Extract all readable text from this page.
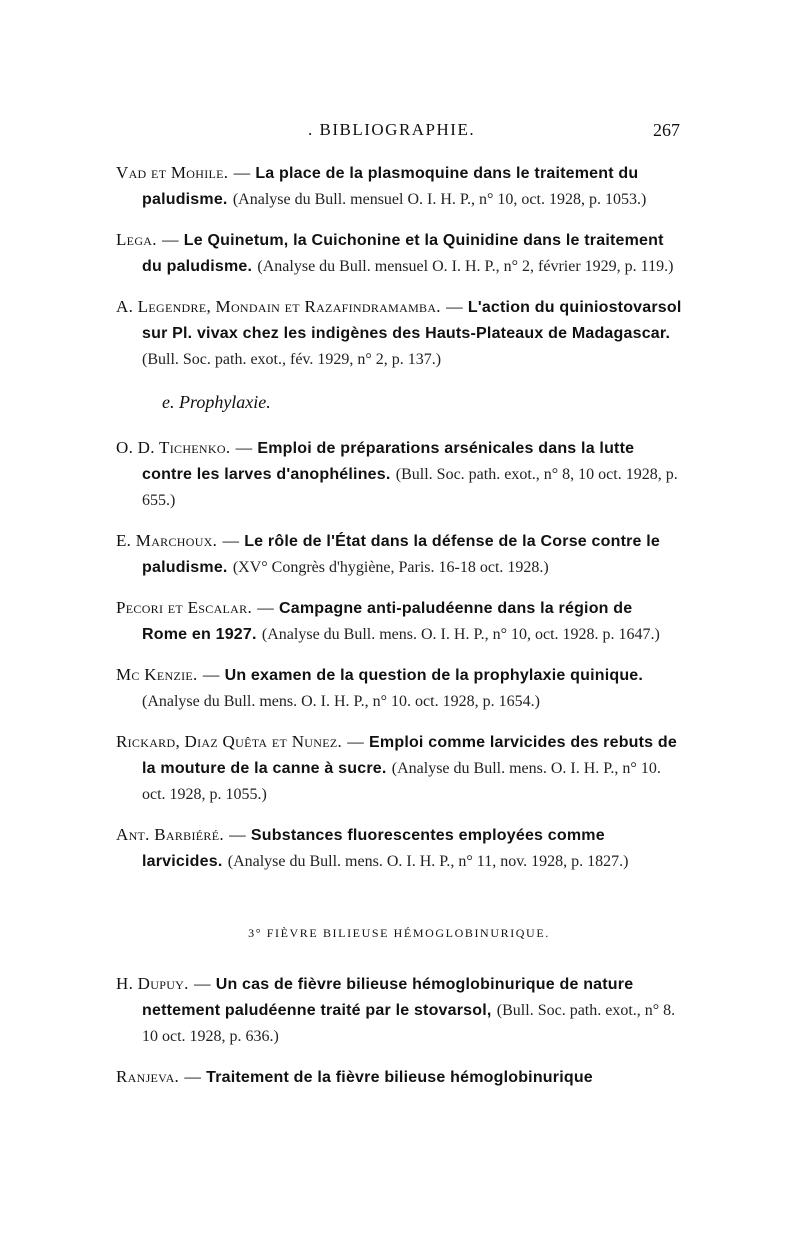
. BIBLIOGRAPHIE.	267

Vad et Mohile. — La place de la plasmoquine dans le traitement du paludisme. (Analyse du Bull. mensuel O. I. H. P., n° 10, oct. 1928, p. 1053.)

Lega. — Le Quinetum, la Cuichonine et la Quinidine dans le traitement du paludisme. (Analyse du Bull. mensuel O. I. H. P., n° 2, février 1929, p. 119.)

A. Legendre, Mondain et Razafindramamba. — L'action du quiniostovarsol sur Pl. vivax chez les indigènes des Hauts-Plateaux de Madagascar. (Bull. Soc. path. exot., fév. 1929, n° 2, p. 137.)

e. Prophylaxie.

O. D. Tichenko. — Emploi de préparations arsénicales dans la lutte contre les larves d'anophélines. (Bull. Soc. path. exot., n° 8, 10 oct. 1928, p. 655.)

E. Marchoux. — Le rôle de l'État dans la défense de la Corse contre le paludisme. (XV° Congrès d'hygiène, Paris. 16-18 oct. 1928.)

Pecori et Escalar. — Campagne anti-paludéenne dans la région de Rome en 1927. (Analyse du Bull. mens. O. I. H. P., n° 10, oct. 1928. p. 1647.)

Mc Kenzie. — Un examen de la question de la prophylaxie quinique. (Analyse du Bull. mens. O. I. H. P., n° 10. oct. 1928, p. 1654.)

Rickard, Diaz Quêta et Nunez. — Emploi comme larvicides des rebuts de la mouture de la canne à sucre. (Analyse du Bull. mens. O. I. H. P., n° 10. oct. 1928, p. 1055.)

Ant. Barbiéré. — Substances fluorescentes employées comme larvicides. (Analyse du Bull. mens. O. I. H. P., n° 11, nov. 1928, p. 1827.)

3° FIÈVRE BILIEUSE HÉMOGLOBINURIQUE.

H. Dupuy. — Un cas de fièvre bilieuse hémoglobinurique de nature nettement paludéenne traité par le stovarsol, (Bull. Soc. path. exot., n° 8. 10 oct. 1928, p. 636.)

Ranjeva. — Traitement de la fièvre bilieuse hémoglobinurique
